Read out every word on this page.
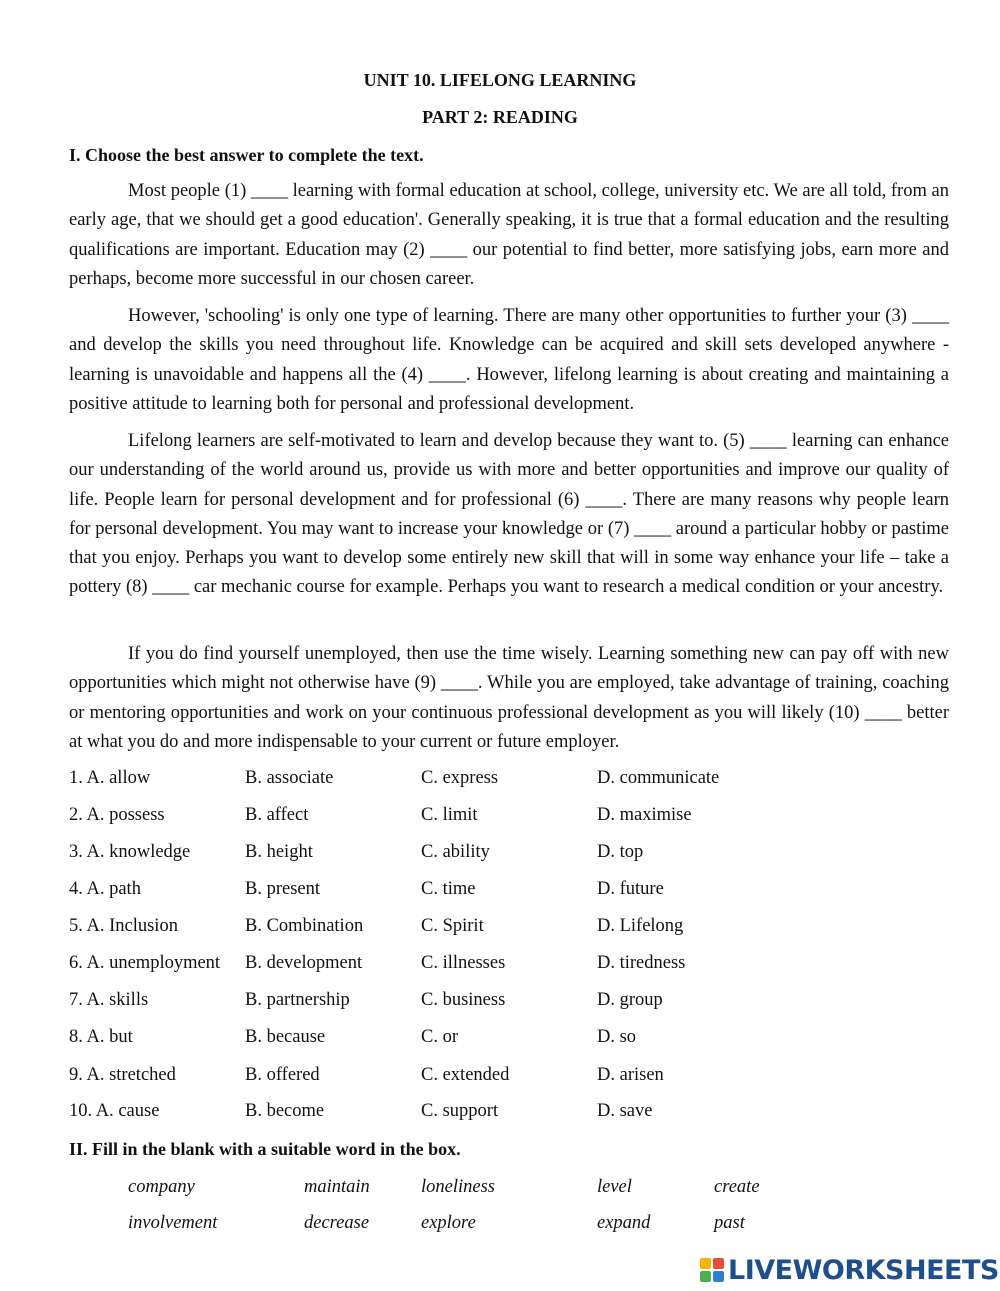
UNIT 10. LIFELONG LEARNING
PART 2: READING
I. Choose the best answer to complete the text.

Most people (1) ____ learning with formal education at school, college, university etc. We are all told, from an early age, that we should get a good education'. Generally speaking, it is true that a formal education and the resulting qualifications are important. Education may (2) ____ our potential to find better, more satisfying jobs, earn more and perhaps, become more successful in our chosen career.

However, 'schooling' is only one type of learning. There are many other opportunities to further your (3) ____ and develop the skills you need throughout life. Knowledge can be acquired and skill sets developed anywhere - learning is unavoidable and happens all the (4) ____. However, lifelong learning is about creating and maintaining a positive attitude to learning both for personal and professional development.

Lifelong learners are self-motivated to learn and develop because they want to. (5) ____ learning can enhance our understanding of the world around us, provide us with more and better opportunities and improve our quality of life. People learn for personal development and for professional (6) ____. There are many reasons why people learn for personal development. You may want to increase your knowledge or (7) ____ around a particular hobby or pastime that you enjoy. Perhaps you want to develop some entirely new skill that will in some way enhance your life – take a pottery (8) ____ car mechanic course for example. Perhaps you want to research a medical condition or your ancestry.

If you do find yourself unemployed, then use the time wisely. Learning something new can pay off with new opportunities which might not otherwise have (9) ____. While you are employed, take advantage of training, coaching or mentoring opportunities and work on your continuous professional development as you will likely (10) ____ better at what you do and more indispensable to your current or future employer.

1. A. allow	B. associate	C. express	D. communicate
2. A. possess	B. affect	C. limit	D. maximise
3. A. knowledge	B. height	C. ability	D. top
4. A. path	B. present	C. time	D. future
5. A. Inclusion	B. Combination	C. Spirit	D. Lifelong
6. A. unemployment B. development	C. illnesses	D. tiredness
7. A. skills	B. partnership	C. business	D. group
8. A. but	B. because	C. or	D. so
9. A. stretched	B. offered	C. extended	D. arisen
10. A. cause	B. become	C. support	D. save
II. Fill in the blank with a suitable word in the box.
company	maintain	loneliness	level	create
involvement	decrease	explore	expand	past
LIVEWORKSHEETS
